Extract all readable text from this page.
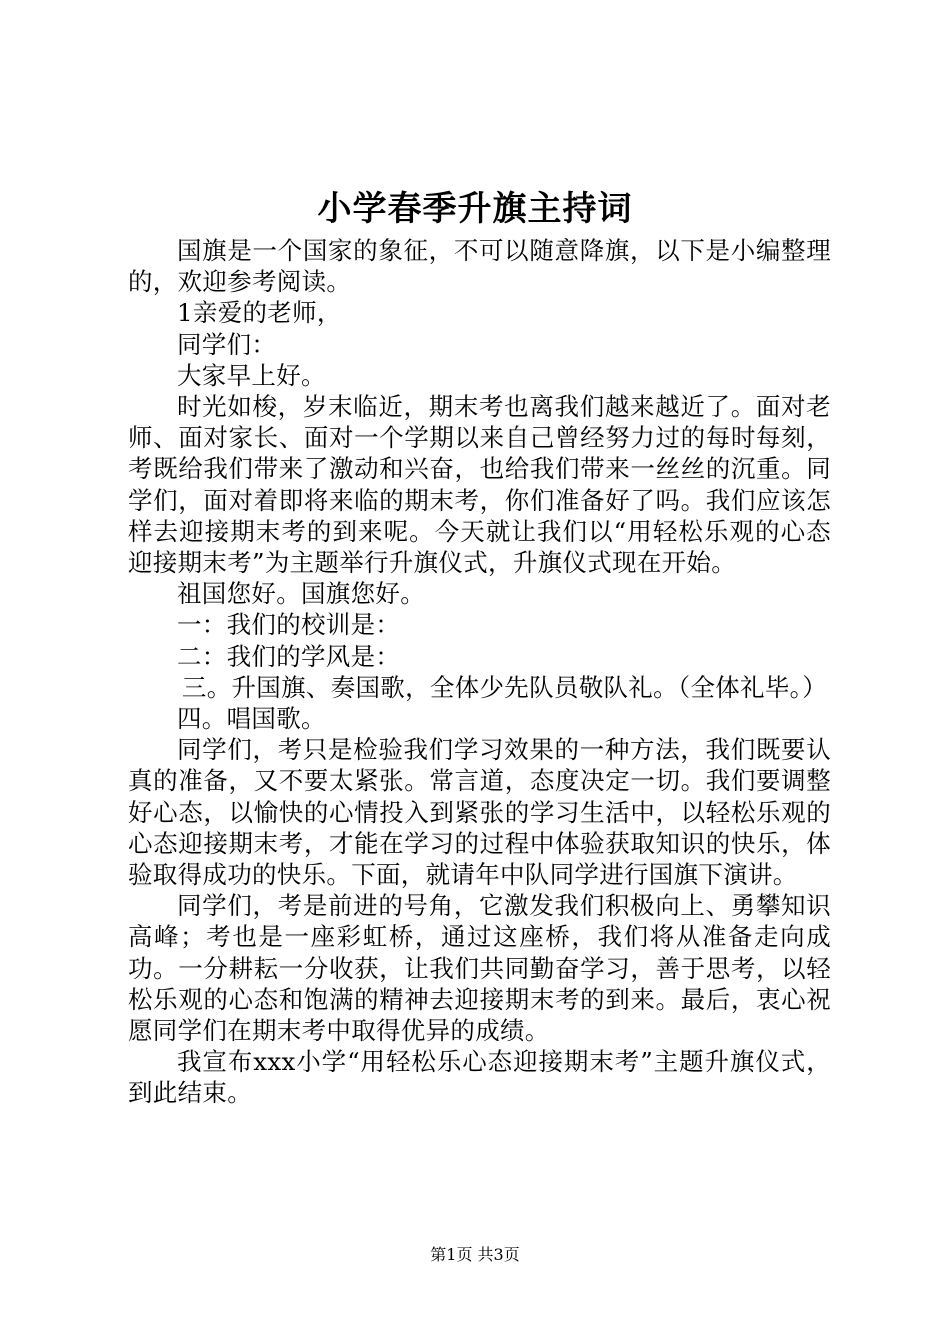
小学春季升旗主持词

国旗是一个国家的象征，不可以随意降旗，以下是小编整理的，欢迎参考阅读。

1亲爱的老师，

同学们：

大家早上好。

时光如梭，岁末临近，期末考也离我们越来越近了。面对老师、面对家长、面对一个学期以来自己曾经努力过的每时每刻，考既给我们带来了激动和兴奋，也给我们带来一丝丝的沉重。同学们，面对着即将来临的期末考，你们准备好了吗。我们应该怎样去迎接期末考的到来呢。今天就让我们以“用轻松乐观的心态迎接期末考”为主题举行升旗仪式，升旗仪式现在开始。

祖国您好。国旗您好。

一：我们的校训是：

二：我们的学风是：

三。升国旗、奏国歌，全体少先队员敬队礼。（全体礼毕。）

四。唱国歌。

同学们，考只是检验我们学习效果的一种方法，我们既要认真的准备，又不要太紧张。常言道，态度决定一切。我们要调整好心态，以愉快的心情投入到紧张的学习生活中，以轻松乐观的心态迎接期末考，才能在学习的过程中体验获取知识的快乐，体验取得成功的快乐。下面，就请年中队同学进行国旗下演讲。

同学们，考是前进的号角，它激发我们积极向上、勇攀知识高峰；考也是一座彩虹桥，通过这座桥，我们将从准备走向成功。一分耕耘一分收获，让我们共同勤奋学习，善于思考，以轻松乐观的心态和饱满的精神去迎接期末考的到来。最后，衷心祝愿同学们在期末考中取得优异的成绩。

我宣布xxx小学“用轻松乐心态迎接期末考”主题升旗仪式，到此结束。

第1页 共3页
